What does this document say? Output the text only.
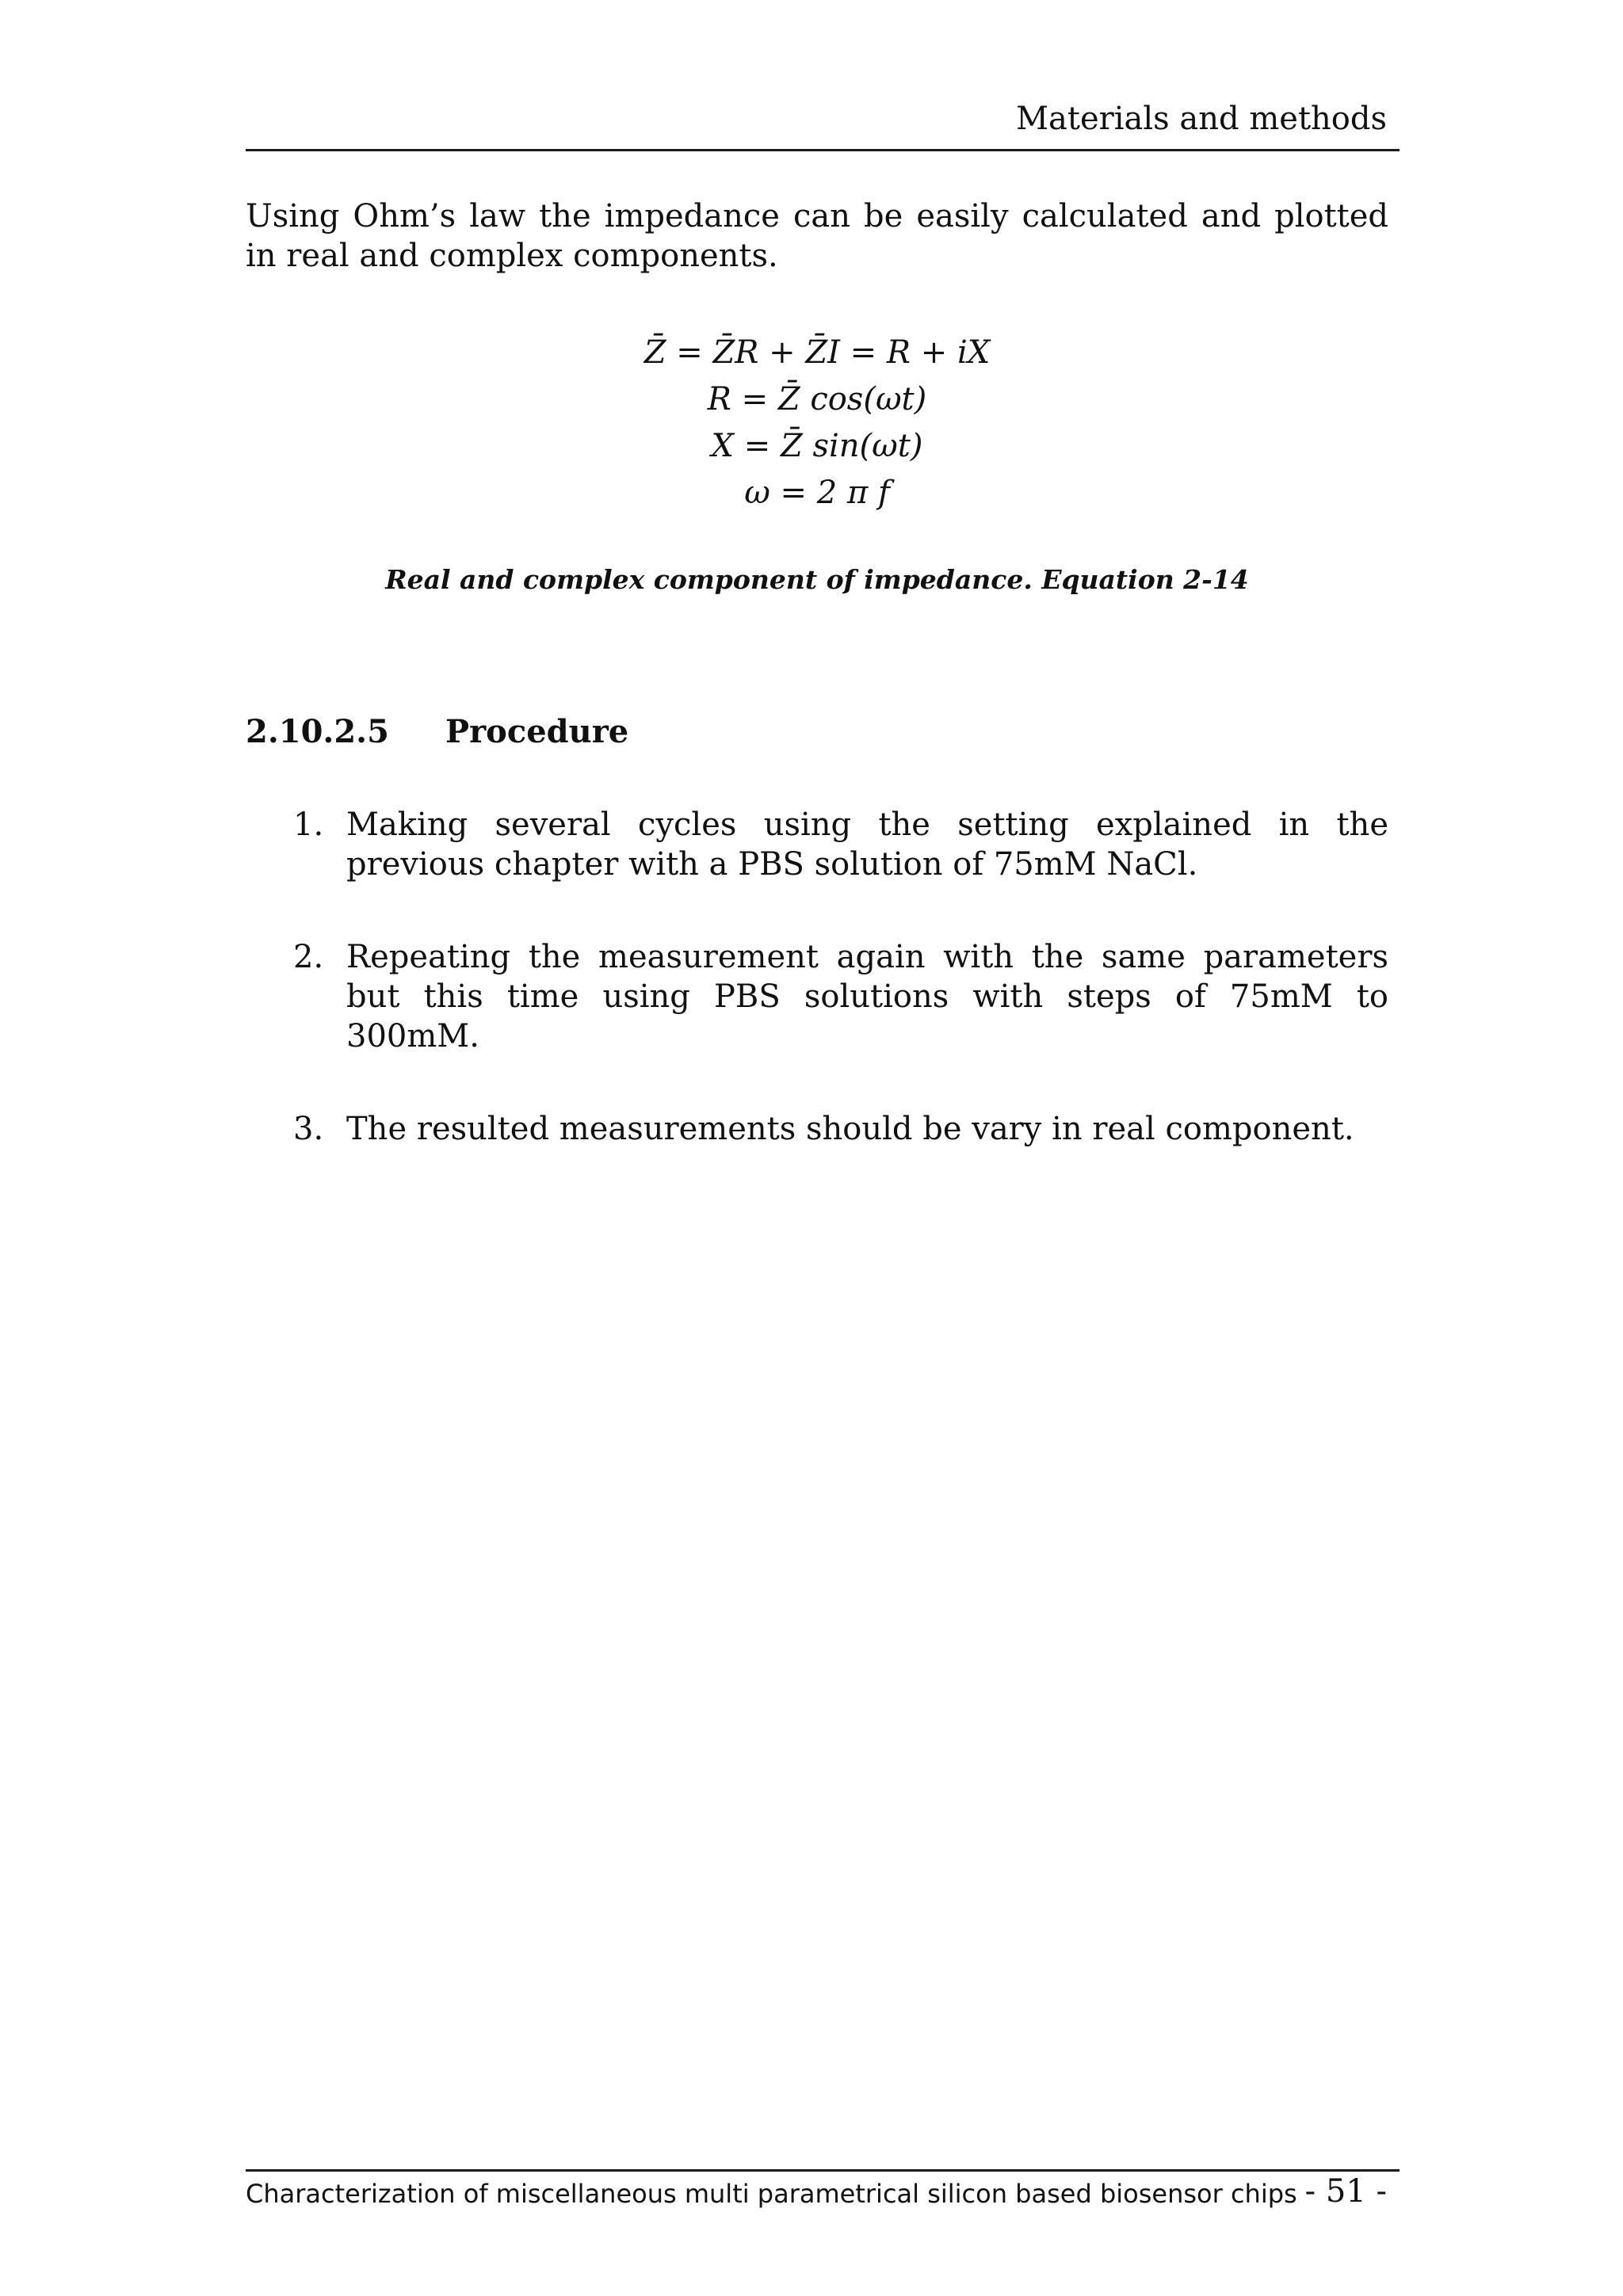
Materials and methods

Using Ohm’s law the impedance can be easily calculated and plotted in real and complex components.

Z̄ = Z̄R + Z̄I = R + iX
R = Z̄ cos(ωt)
X = Z̄ sin(ωt)
ω = 2 π f
Real and complex component of impedance. Equation 2-14
2.10.2.5 Procedure
1. Making several cycles using the setting explained in the previous chapter with a PBS solution of 75mM NaCl.
2. Repeating the measurement again with the same parameters but this time using PBS solutions with steps of 75mM to 300mM.
3. The resulted measurements should be vary in real component.
Characterization of miscellaneous multi parametrical silicon based biosensor chips - 51 -
